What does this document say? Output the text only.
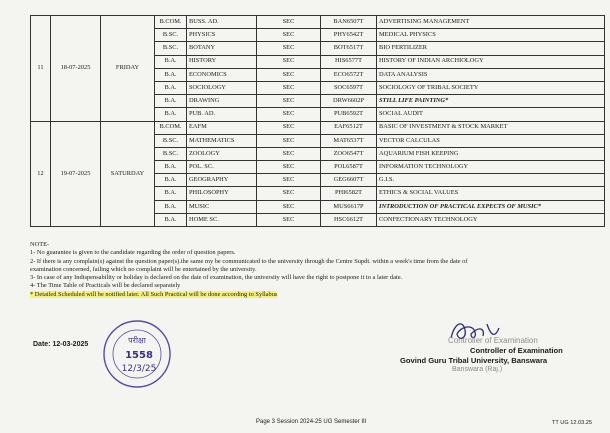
11	18-07-2025	FRIDAY	B.COM.	BUSS. AD.	SEC	BAN6507T	ADVERTISING MANAGEMENT
			B.SC.	PHYSICS	SEC	PHY6542T	MEDICAL PHYSICS
			B.SC.	BOTANY	SEC	BOT6517T	BIO FERTILIZER
			B.A.	HISTORY	SEC	HIS6577T	HISTORY OF INDIAN ARCHIOLOGY
			B.A.	ECONOMICS	SEC	ECO6572T	DATA ANALYSIS
			B.A.	SOCIOLOGY	SEC	SOC6597T	SOCIOLOGY OF TRIBAL SOCIETY
			B.A.	DRAWING	SEC	DRW6602P	STILL LIFE PAINTING*
			B.A.	PUB. AD.	SEC	PUB6592T	SOCIAL AUDIT
12	19-07-2025	SATURDAY	B.COM.	EAFM	SEC	EAF6512T	BASIC OF INVESTMENT & STOCK MARKET
			B.SC.	MATHEMATICS	SEC	MAT6537T	VECTOR CALCULAS
			B.SC.	ZOOLOGY	SEC	ZOO6547T	AQUARIUM FISH KEEPING
			B.A.	POL. SC.	SEC	POL6587T	INFORMATION TECHNOLOGY
			B.A.	GEOGRAPHY	SEC	GEG6607T	G.I.S.
			B.A.	PHILOSOPHY	SEC	PHI6582T	ETHICS & SOCIAL VALUES
			B.A.	MUSIC	SEC	MUS6617P	INTRODUCTION OF PRACTICAL EXPECTS OF MUSIC*
			B.A.	HOME SC.	SEC	HSC6612T	CONFECTIONARY TECHNOLOGY
NOTE-
1- No guarantee is given to the candidate regarding the order of question papers.
2- If there is any complain(s) against the question paper(s).the same my be communicated to the university through the Centre Supdt. within a week's time from the date of
examination concerned, failing which no complaint will be entertained by the university.
3- In case of any Indispensability or holiday is declared on the date of examination, the university will have the right to postpone it to a later date.
4- The Time Table of Practicals will be declared separately
* Detailed Scheduled will be notified later. All Such Practical will be done according to Syllabus
Date: 12-03-2025	परीक्षा
1558
12/3/25
Controller of Examination
Controller of Examination
Govind Guru Tribal University, Banswara
Banswara (Raj.)
Page 3 Session 2024-25 UG Semester III	TT UG 12.03.25
